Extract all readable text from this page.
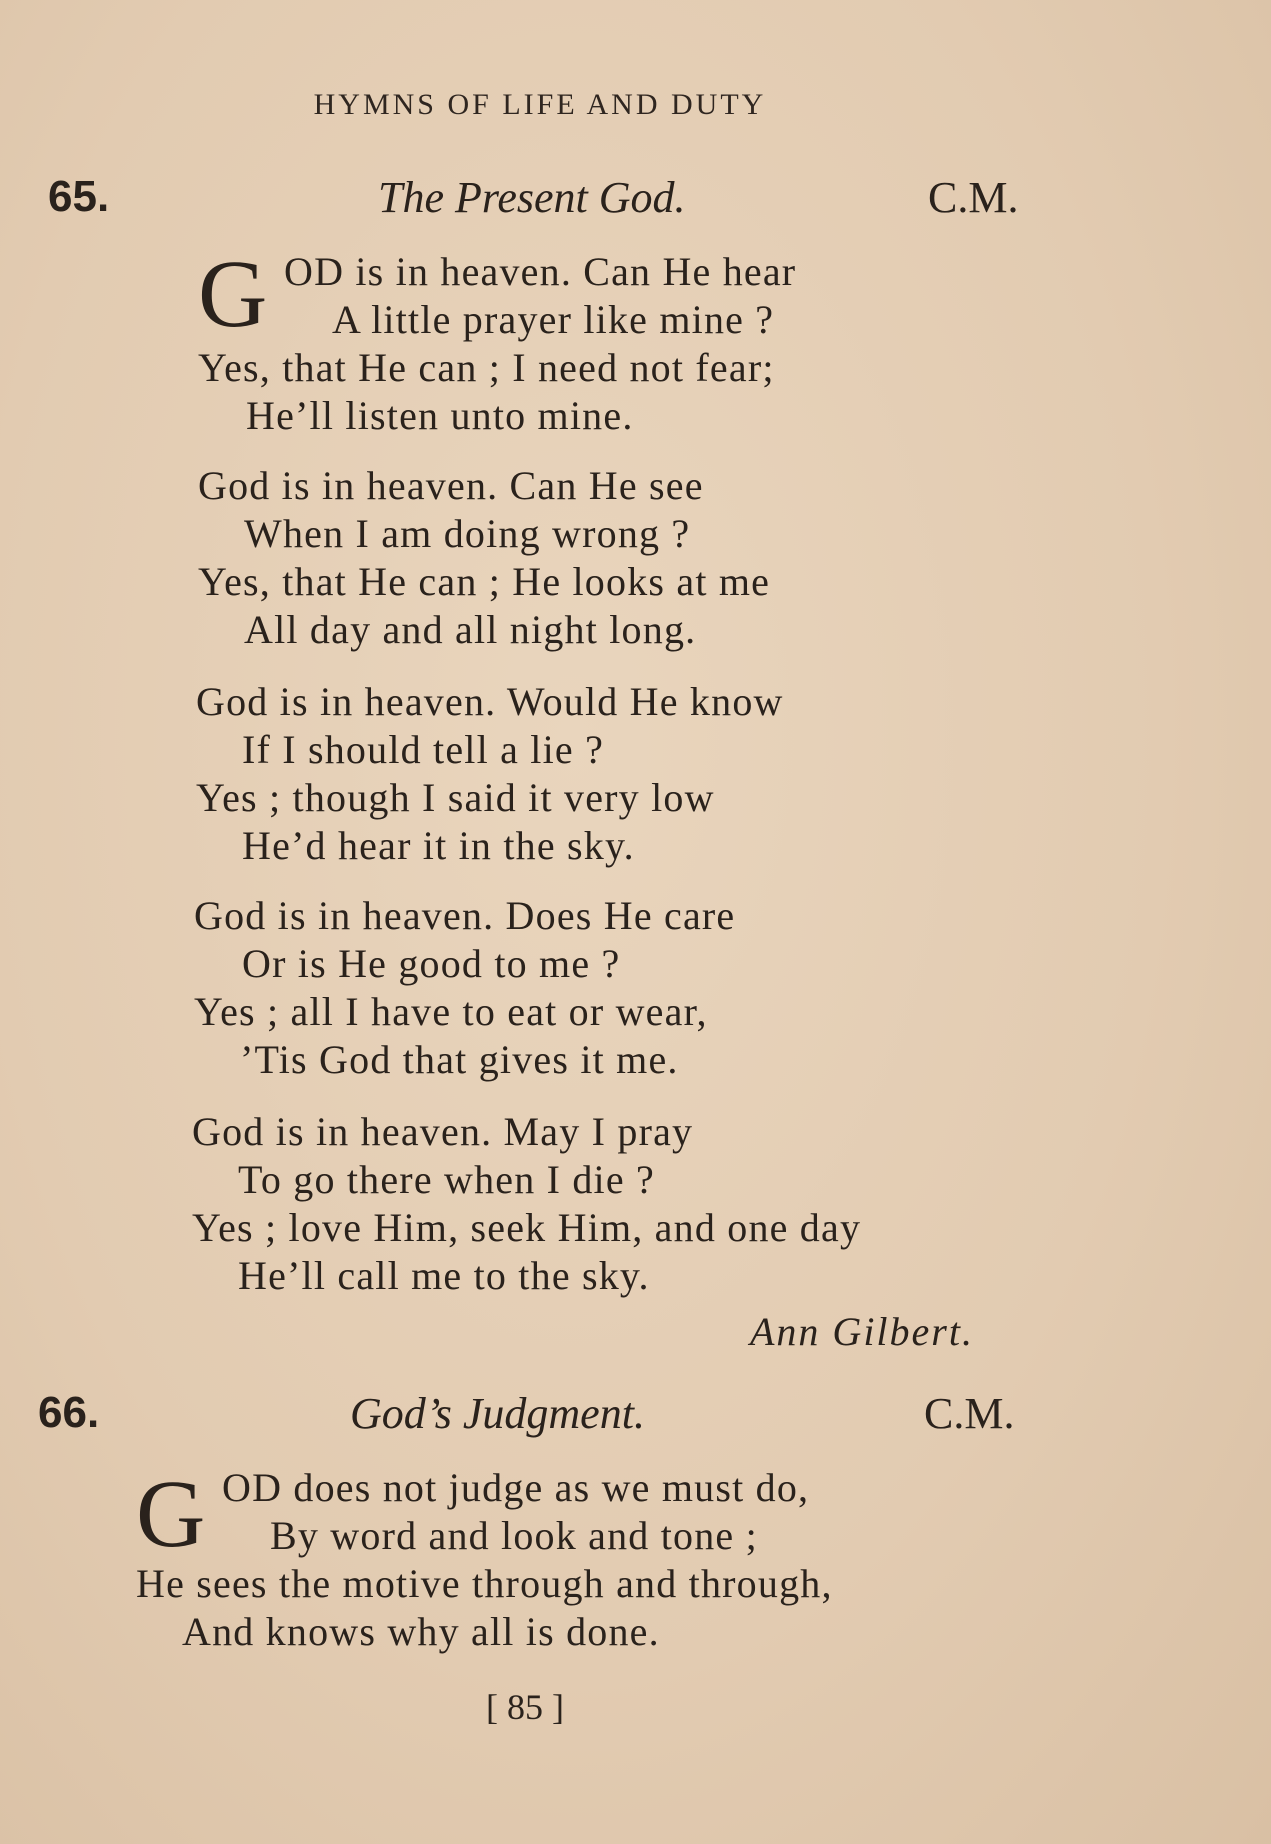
HYMNS OF LIFE AND DUTY
65.	The Present God.	C.M.
G OD is in heaven. Can He hear
A little prayer like mine ?
Yes, that He can ; I need not fear;
He’ll listen unto mine.
God is in heaven. Can He see
When I am doing wrong ?
Yes, that He can ; He looks at me
All day and all night long.
God is in heaven. Would He know
If I should tell a lie ?
Yes ; though I said it very low
He’d hear it in the sky.
God is in heaven. Does He care
Or is He good to me ?
Yes ; all I have to eat or wear,
’Tis God that gives it me.
God is in heaven. May I pray
To go there when I die ?
Yes ; love Him, seek Him, and one day
He’ll call me to the sky.
Ann Gilbert.
66.	God’s Judgment.	C.M.
G OD does not judge as we must do,
By word and look and tone ;
He sees the motive through and through,
And knows why all is done.
[ 85 ]
